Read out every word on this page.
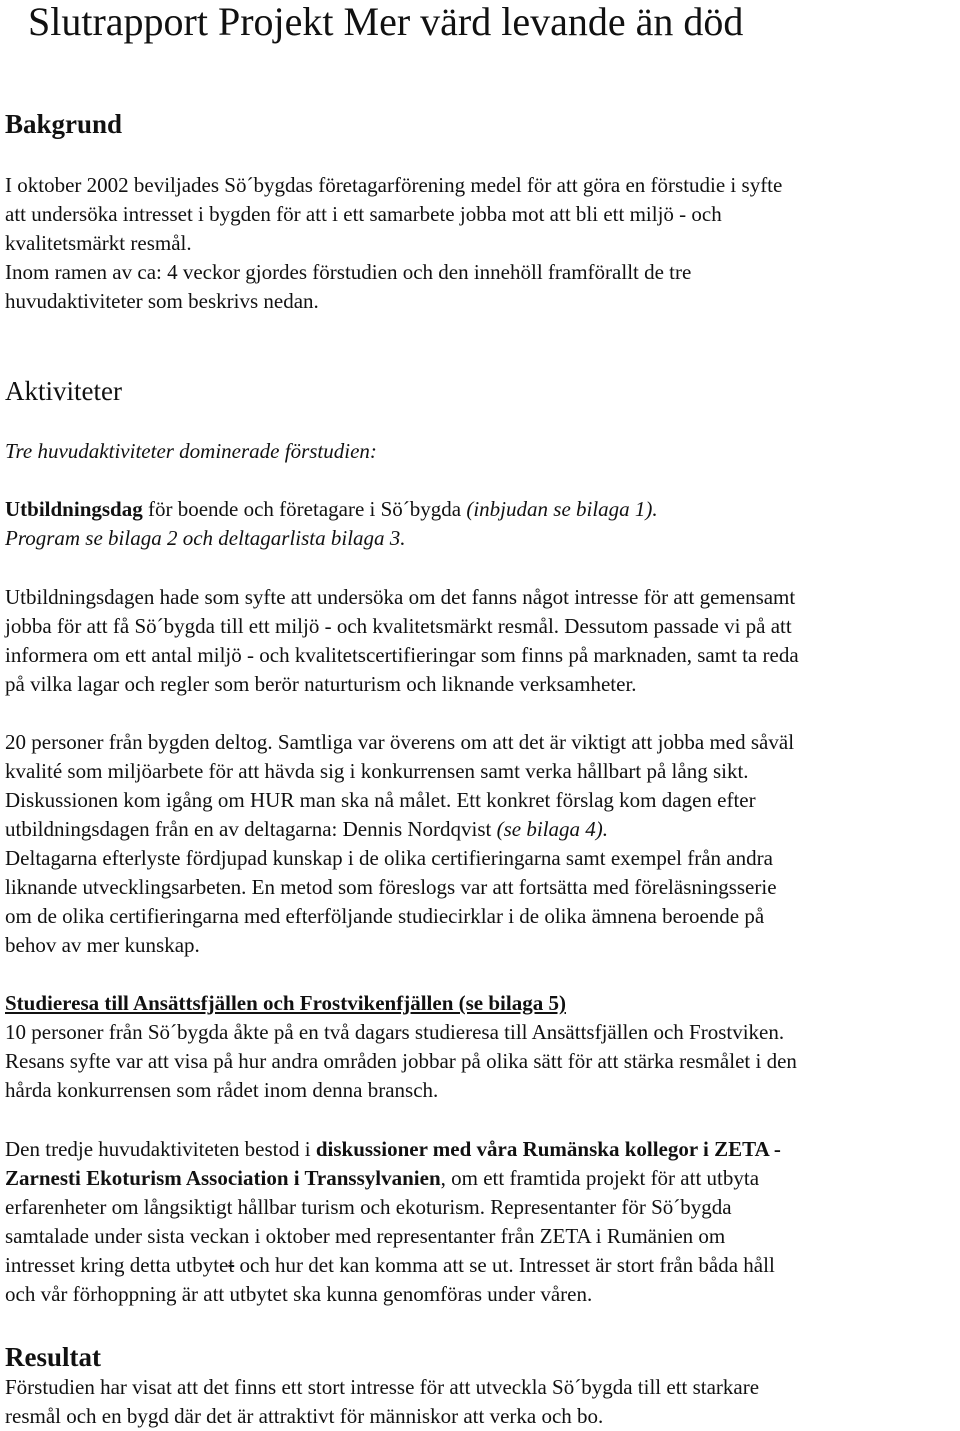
Slutrapport Projekt Mer värd levande än död
Bakgrund

I oktober 2002 beviljades Sö´bygdas företagarförening medel för att göra en förstudie i syfte

att undersöka intresset i bygden för att i ett samarbete jobba mot att bli ett miljö - och

kvalitetsmärkt resmål.

Inom ramen av ca: 4 veckor gjordes förstudien och den innehöll framförallt de tre

huvudaktiviteter som beskrivs nedan.

Aktiviteter

Tre huvudaktiviteter dominerade förstudien:

Utbildningsdag för boende och företagare i Sö´bygda (inbjudan se bilaga 1).

Program se bilaga 2 och deltagarlista bilaga 3.

Utbildningsdagen hade som syfte att undersöka om det fanns något intresse för att gemensamt

jobba för att få Sö´bygda till ett miljö - och kvalitetsmärkt resmål. Dessutom passade vi på att

informera om ett antal miljö - och kvalitetscertifieringar som finns på marknaden, samt ta reda

på vilka lagar och regler som berör naturturism och liknande verksamheter.

20 personer från bygden deltog. Samtliga var överens om att det är viktigt att jobba med såväl

kvalité som miljöarbete för att hävda sig i konkurrensen samt verka hållbart på lång sikt.

Diskussionen kom igång om HUR man ska nå målet. Ett konkret förslag kom dagen efter

utbildningsdagen från en av deltagarna: Dennis Nordqvist (se bilaga 4).

Deltagarna efterlyste fördjupad kunskap i de olika certifieringarna samt exempel från andra

liknande utvecklingsarbeten. En metod som föreslogs var att fortsätta med föreläsningsserie

om de olika certifieringarna med efterföljande studiecirklar i de olika ämnena beroende på

behov av mer kunskap.

Studieresa till Ansättsfjällen och Frostvikenfjällen (se bilaga 5)

10 personer från Sö´bygda åkte på en två dagars studieresa till Ansättsfjällen och Frostviken.

Resans syfte var att visa på hur andra områden jobbar på olika sätt för att stärka resmålet i den

hårda konkurrensen som rådet inom denna bransch.

Den tredje huvudaktiviteten bestod i diskussioner med våra Rumänska kollegor i ZETA -

Zarnesti Ekoturism Association i Transsylvanien, om ett framtida projekt för att utbyta

erfarenheter om långsiktigt hållbar turism och ekoturism. Representanter för Sö´bygda

samtalade under sista veckan i oktober med representanter från ZETA i Rumänien om

intresset kring detta utbytet och hur det kan komma att se ut. Intresset är stort från båda håll

och vår förhoppning är att utbytet ska kunna genomföras under våren.

Resultat

Förstudien har visat att det finns ett stort intresse för att utveckla Sö´bygda till ett starkare

resmål och en bygd där det är attraktivt för människor att verka och bo.
